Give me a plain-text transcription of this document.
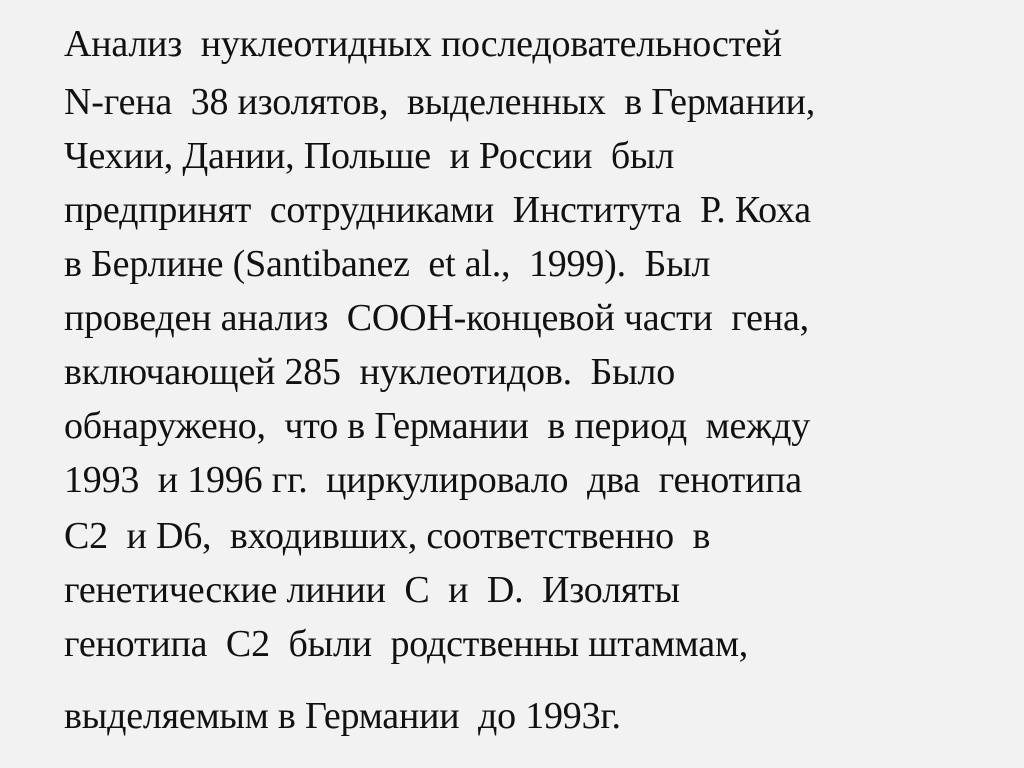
Анализ  нуклеотидных последовательностей

N-гена  38 изолятов,  выделенных  в Германии,

Чехии, Дании, Польше  и России  был

предпринят  сотрудниками  Института  Р. Коха

в Берлине (Santibanez  et al.,  1999).  Был

проведен анализ  СООН-концевой части  гена,

включающей 285  нуклеотидов.  Было

обнаружено,  что в Германии  в период  между

1993  и 1996 гг.  циркулировало  два  генотипа

С2  и D6,  входивших, соответственно  в

генетические линии  С  и  D.  Изоляты

генотипа  С2  были  родственны штаммам,

выделяемым в Германии  до 1993г.
